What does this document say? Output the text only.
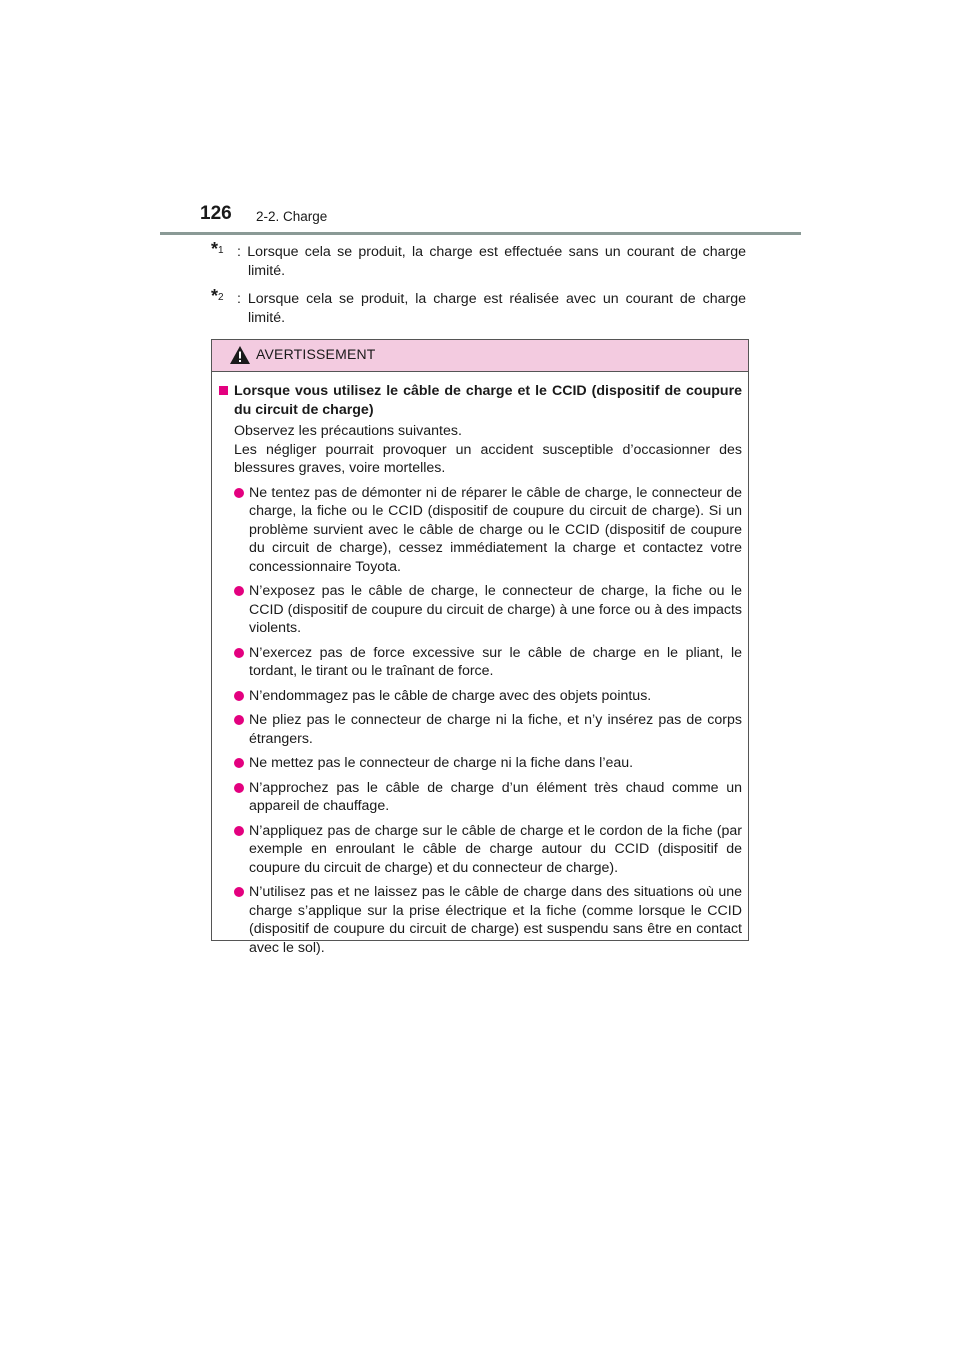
126 2-2. Charge
*$^1$ : Lorsque cela se produit, la charge est effectuée sans un courant de charge limité.
*$^2$ : Lorsque cela se produit, la charge est réalisée avec un courant de charge limité.
AVERTISSEMENT
Lorsque vous utilisez le câble de charge et le CCID (dispositif de coupure du circuit de charge)
Observez les précautions suivantes.
Les négliger pourrait provoquer un accident susceptible d’occasionner des blessures graves, voire mortelles.
Ne tentez pas de démonter ni de réparer le câble de charge, le connecteur de charge, la fiche ou le CCID (dispositif de coupure du circuit de charge). Si un problème survient avec le câble de charge ou le CCID (dispositif de coupure du circuit de charge), cessez immédiatement la charge et contactez votre concessionnaire Toyota.
N’exposez pas le câble de charge, le connecteur de charge, la fiche ou le CCID (dispositif de coupure du circuit de charge) à une force ou à des impacts violents.
N’exercez pas de force excessive sur le câble de charge en le pliant, le tordant, le tirant ou le traînant de force.
N’endommagez pas le câble de charge avec des objets pointus.
Ne pliez pas le connecteur de charge ni la fiche, et n’y insérez pas de corps étrangers.
Ne mettez pas le connecteur de charge ni la fiche dans l’eau.
N’approchez pas le câble de charge d’un élément très chaud comme un appareil de chauffage.
N’appliquez pas de charge sur le câble de charge et le cordon de la fiche (par exemple en enroulant le câble de charge autour du CCID (dispositif de coupure du circuit de charge) et du connecteur de charge).
N’utilisez pas et ne laissez pas le câble de charge dans des situations où une charge s’applique sur la prise électrique et la fiche (comme lorsque le CCID (dispositif de coupure du circuit de charge) est suspendu sans être en contact avec le sol).
